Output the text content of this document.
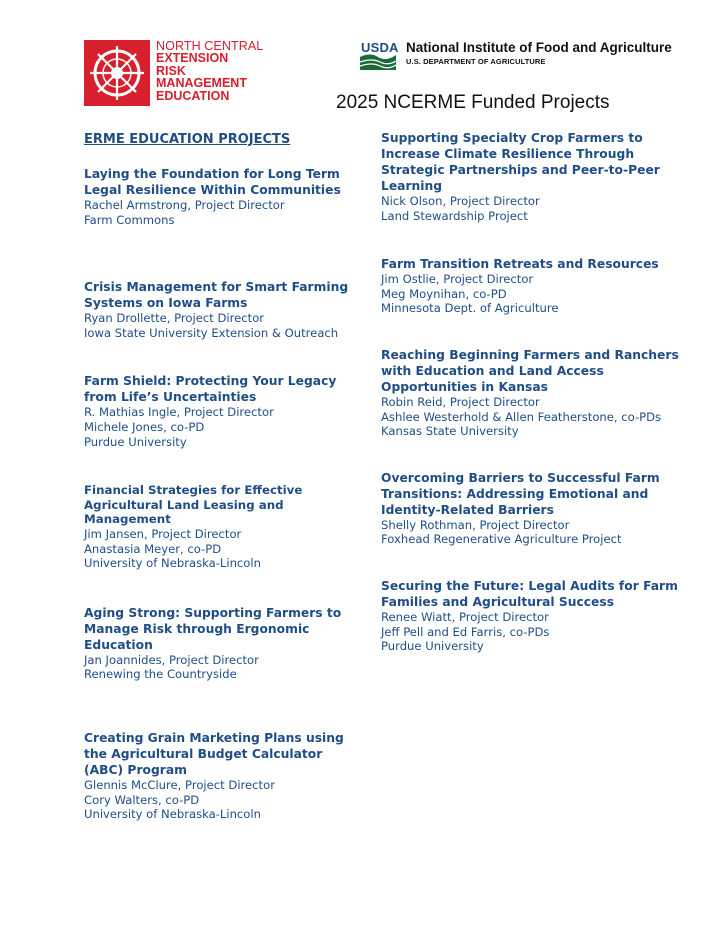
NORTH CENTRAL
EXTENSION
RISK
MANAGEMENT
EDUCATION
USDA National Institute of Food and Agriculture
U.S. DEPARTMENT OF AGRICULTURE
2025 NCERME Funded Projects
ERME EDUCATION PROJECTS
Laying the Foundation for Long Term Legal Resilience Within Communities
Rachel Armstrong, Project Director
Farm Commons
Crisis Management for Smart Farming Systems on Iowa Farms
Ryan Drollette, Project Director
Iowa State University Extension & Outreach
Farm Shield: Protecting Your Legacy from Life’s Uncertainties
R. Mathias Ingle, Project Director
Michele Jones, co-PD
Purdue University
Financial Strategies for Effective Agricultural Land Leasing and Management
Jim Jansen, Project Director
Anastasia Meyer, co-PD
University of Nebraska-Lincoln
Aging Strong: Supporting Farmers to Manage Risk through Ergonomic Education
Jan Joannides, Project Director
Renewing the Countryside
Creating Grain Marketing Plans using the Agricultural Budget Calculator (ABC) Program
Glennis McClure, Project Director
Cory Walters, co-PD
University of Nebraska-Lincoln
Supporting Specialty Crop Farmers to Increase Climate Resilience Through Strategic Partnerships and Peer-to-Peer Learning
Nick Olson, Project Director
Land Stewardship Project
Farm Transition Retreats and Resources
Jim Ostlie, Project Director
Meg Moynihan, co-PD
Minnesota Dept. of Agriculture
Reaching Beginning Farmers and Ranchers with Education and Land Access Opportunities in Kansas
Robin Reid, Project Director
Ashlee Westerhold & Allen Featherstone, co-PDs
Kansas State University
Overcoming Barriers to Successful Farm Transitions: Addressing Emotional and Identity-Related Barriers
Shelly Rothman, Project Director
Foxhead Regenerative Agriculture Project
Securing the Future: Legal Audits for Farm Families and Agricultural Success
Renee Wiatt, Project Director
Jeff Pell and Ed Farris, co-PDs
Purdue University
